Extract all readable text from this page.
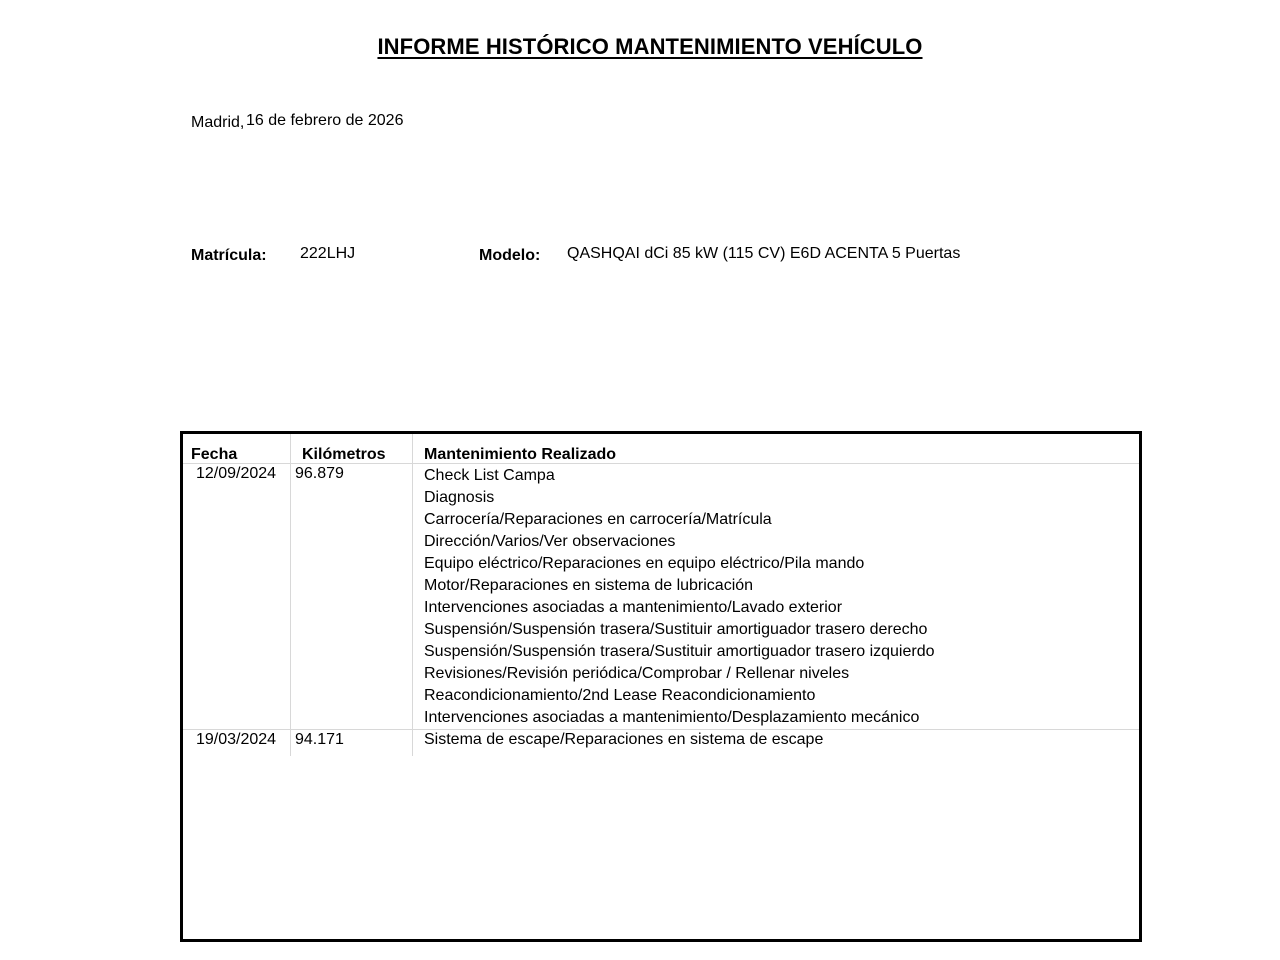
INFORME HISTÓRICO MANTENIMIENTO VEHÍCULO
Madrid, 16 de febrero de 2026
Matrícula: 222LHJ	Modelo: QASHQAI dCi 85 kW (115 CV) E6D ACENTA 5 Puertas
Fecha	Kilómetros Mantenimiento Realizado
12/09/2024 96.879	Check List Campa
Diagnosis
Carrocería/Reparaciones en carrocería/Matrícula
Dirección/Varios/Ver observaciones
Equipo eléctrico/Reparaciones en equipo eléctrico/Pila mando
Motor/Reparaciones en sistema de lubricación
Intervenciones asociadas a mantenimiento/Lavado exterior
Suspensión/Suspensión trasera/Sustituir amortiguador trasero derecho
Suspensión/Suspensión trasera/Sustituir amortiguador trasero izquierdo
Revisiones/Revisión periódica/Comprobar / Rellenar niveles
Reacondicionamiento/2nd Lease Reacondicionamiento
Intervenciones asociadas a mantenimiento/Desplazamiento mecánico
19/03/2024 94.171	Sistema de escape/Reparaciones en sistema de escape
